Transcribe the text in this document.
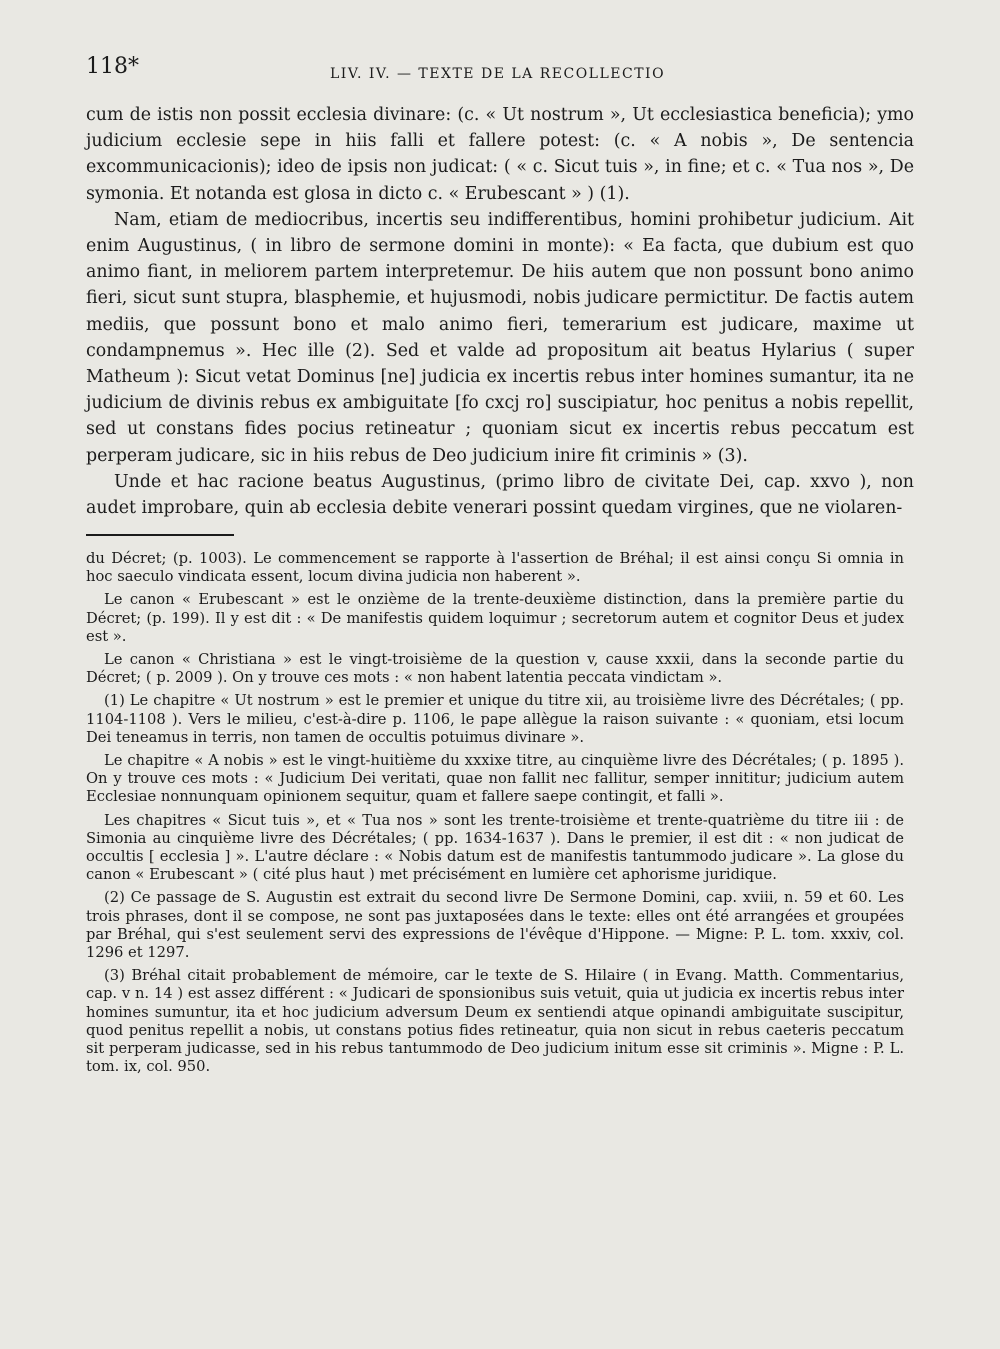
118*	LIV. IV. — TEXTE DE LA RECOLLECTIO

cum de istis non possit ecclesia divinare: (c. « Ut nostrum », Ut ecclesiastica beneficia); ymo judicium ecclesie sepe in hiis falli et fallere potest: (c. « A nobis », De sentencia excommunicacionis); ideo de ipsis non judicat: ( « c. Sicut tuis », in fine; et c. « Tua nos », De symonia. Et notanda est glosa in dicto c. « Erubescant » ) (1).

Nam, etiam de mediocribus, incertis seu indifferentibus, homini prohibetur judicium. Ait enim Augustinus, ( in libro de sermone domini in monte): « Ea facta, que dubium est quo animo fiant, in meliorem partem interpretemur. De hiis autem que non possunt bono animo fieri, sicut sunt stupra, blasphemie, et hujusmodi, nobis judicare permictitur. De factis autem mediis, que possunt bono et malo animo fieri, temerarium est judicare, maxime ut condampnemus ». Hec ille (2). Sed et valde ad propositum ait beatus Hylarius ( super Matheum ): Sicut vetat Dominus [ne] judicia ex incertis rebus inter homines sumantur, ita ne judicium de divinis rebus ex ambiguitate [fo cxcj ro] suscipiatur, hoc penitus a nobis repellit, sed ut constans fides pocius retineatur ; quoniam sicut ex incertis rebus peccatum est perperam judicare, sic in hiis rebus de Deo judicium inire fit criminis » (3).

Unde et hac racione beatus Augustinus, (primo libro de civitate Dei, cap. xxvo ), non audet improbare, quin ab ecclesia debite venerari possint quedam virgines, que ne violaren-

du Décret; (p. 1003). Le commencement se rapporte à l'assertion de Bréhal; il est ainsi conçu Si omnia in hoc saeculo vindicata essent, locum divina judicia non haberent ».

Le canon « Erubescant » est le onzième de la trente-deuxième distinction, dans la première partie du Décret; (p. 199). Il y est dit : « De manifestis quidem loquimur ; secretorum autem et cognitor Deus et judex est ».

Le canon « Christiana » est le vingt-troisième de la question v, cause xxxii, dans la seconde partie du Décret; ( p. 2009 ). On y trouve ces mots : « non habent latentia peccata vindictam ».

(1) Le chapitre « Ut nostrum » est le premier et unique du titre xii, au troisième livre des Décrétales; ( pp. 1104-1108 ). Vers le milieu, c'est-à-dire p. 1106, le pape allègue la raison suivante : « quoniam, etsi locum Dei teneamus in terris, non tamen de occultis potuimus divinare ».

Le chapitre « A nobis » est le vingt-huitième du xxxixe titre, au cinquième livre des Décrétales; ( p. 1895 ). On y trouve ces mots : « Judicium Dei veritati, quae non fallit nec fallitur, semper innititur; judicium autem Ecclesiae nonnunquam opinionem sequitur, quam et fallere saepe contingit, et falli ».

Les chapitres « Sicut tuis », et « Tua nos » sont les trente-troisième et trente-quatrième du titre iii : de Simonia au cinquième livre des Décrétales; ( pp. 1634-1637 ). Dans le premier, il est dit : « non judicat de occultis [ ecclesia ] ». L'autre déclare : « Nobis datum est de manifestis tantummodo judicare ». La glose du canon « Erubescant » ( cité plus haut ) met précisément en lumière cet aphorisme juridique.

(2) Ce passage de S. Augustin est extrait du second livre De Sermone Domini, cap. xviii, n. 59 et 60. Les trois phrases, dont il se compose, ne sont pas juxtaposées dans le texte: elles ont été arrangées et groupées par Bréhal, qui s'est seulement servi des expressions de l'évêque d'Hippone. — Migne: P. L. tom. xxxiv, col. 1296 et 1297.

(3) Bréhal citait probablement de mémoire, car le texte de S. Hilaire ( in Evang. Matth. Commentarius, cap. v n. 14 ) est assez différent : « Judicari de sponsionibus suis vetuit, quia ut judicia ex incertis rebus inter homines sumuntur, ita et hoc judicium adversum Deum ex sentiendi atque opinandi ambiguitate suscipitur, quod penitus repellit a nobis, ut constans potius fides retineatur, quia non sicut in rebus caeteris peccatum sit perperam judicasse, sed in his rebus tantummodo de Deo judicium initum esse sit criminis ». Migne : P. L. tom. ix, col. 950.
